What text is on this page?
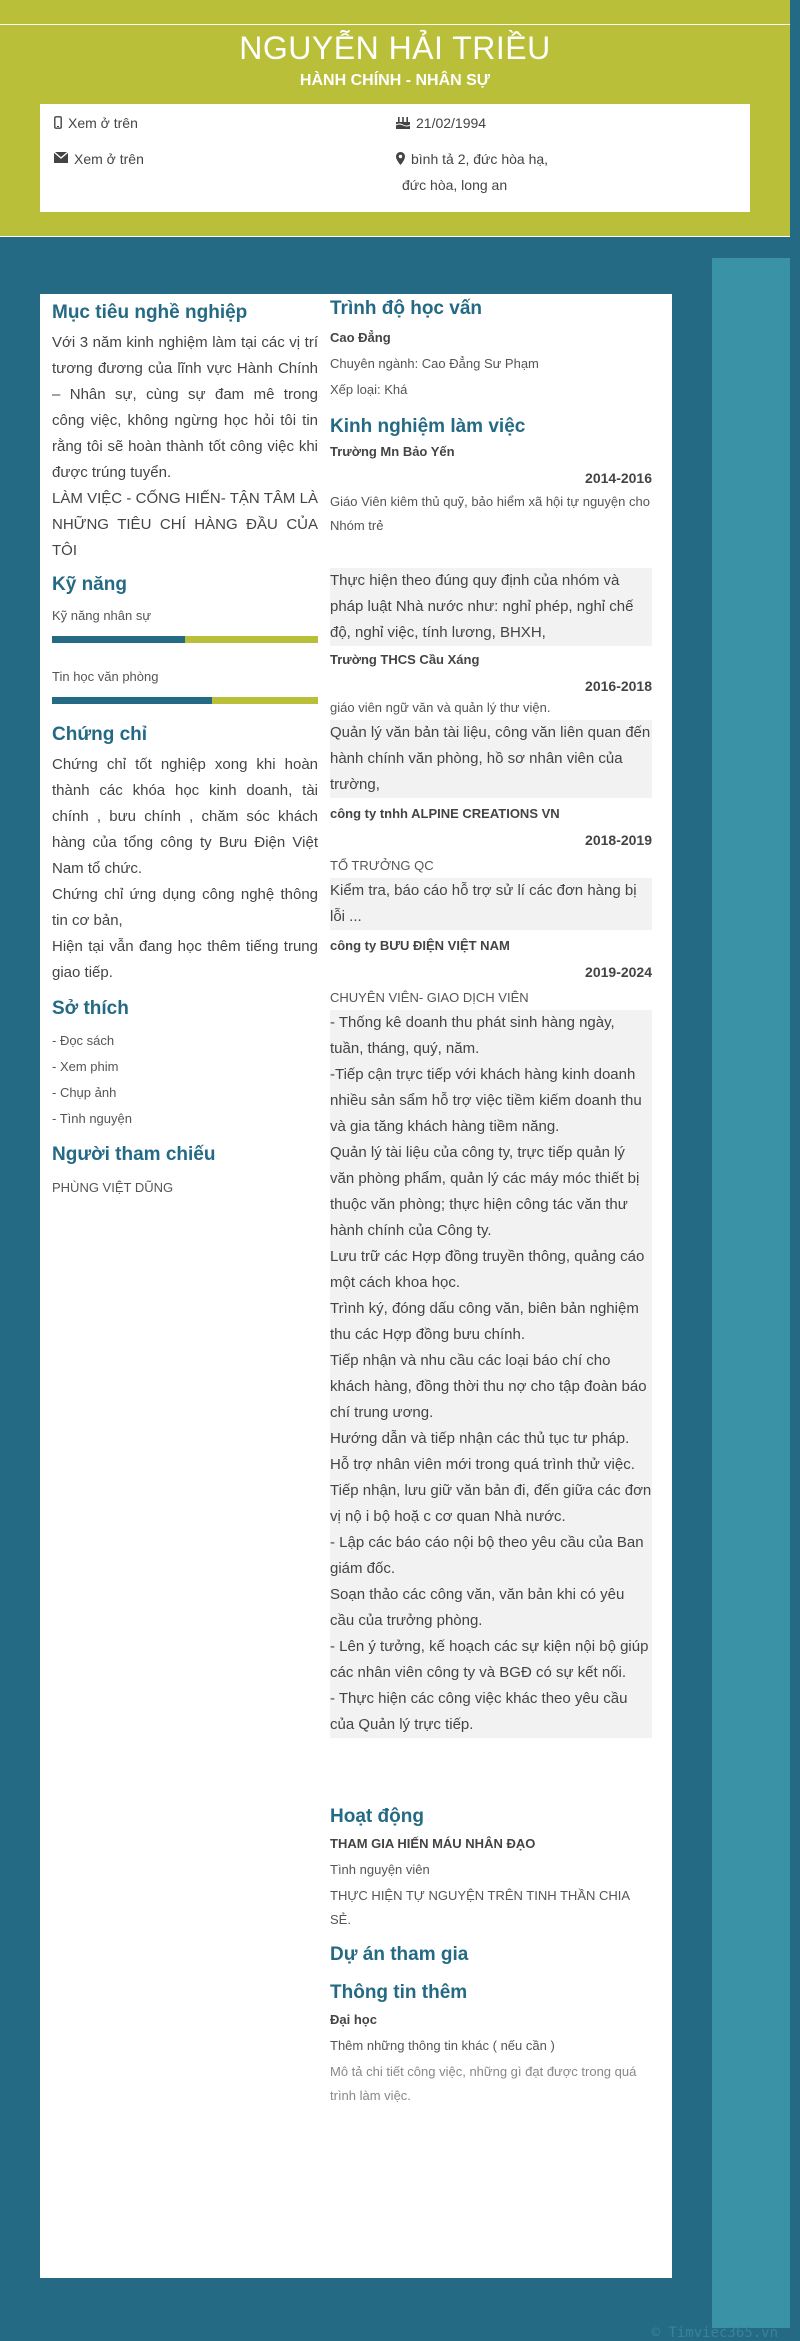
NGUYỄN HẢI TRIỀU
HÀNH CHÍNH - NHÂN SỰ
Xem ở trên
Xem ở trên
21/02/1994
bình tả 2, đức hòa hạ,
đức hòa, long an
Mục tiêu nghề nghiệp
Với 3 năm kinh nghiệm làm tại các vị trí tương đương của lĩnh vực Hành Chính – Nhân sự, cùng sự đam mê trong công việc, không ngừng học hỏi tôi tin rằng tôi sẽ hoàn thành tốt công việc khi được trúng tuyển.
LÀM VIỆC - CỐNG HIẾN- TẬN TÂM LÀ NHỮNG TIÊU CHÍ HÀNG ĐẦU CỦA TÔI
Kỹ năng
Kỹ năng nhân sự
Tin học văn phòng
Chứng chỉ
Chứng chỉ tốt nghiệp xong khi hoàn thành các khóa học kinh doanh, tài chính , bưu chính , chăm sóc khách hàng của tổng công ty Bưu Điện Việt Nam tổ chức.
Chứng chỉ ứng dụng công nghệ thông tin cơ bản,
Hiện tại vẫn đang học thêm tiếng trung giao tiếp.
Sở thích
- Đọc sách
- Xem phim
- Chụp ảnh
- Tình nguyện
Người tham chiếu
PHÙNG VIỆT DŨNG
Trình độ học vấn
Cao Đẳng
Chuyên ngành: Cao Đẳng Sư Phạm
Xếp loại: Khá
Kinh nghiệm làm việc
Trường Mn Bảo Yến
2014-2016
Giáo Viên kiêm thủ quỹ, bảo hiểm xã hội tự nguyện cho Nhóm trẻ
Thực hiện theo đúng quy định của nhóm và pháp luật Nhà nước như: nghỉ phép, nghỉ chế độ, nghỉ việc, tính lương, BHXH,
Trường THCS Cầu Xáng
2016-2018
giáo viên ngữ văn và quản lý thư viện.
Quản lý văn bản tài liệu, công văn liên quan đến hành chính văn phòng, hồ sơ nhân viên của trường,
công ty tnhh ALPINE CREATIONS VN
2018-2019
TỔ TRƯỞNG QC
Kiểm tra, báo cáo hỗ trợ sử lí các đơn hàng bị lỗi ...
công ty BƯU ĐIỆN VIỆT NAM
2019-2024
CHUYÊN VIÊN- GIAO DỊCH VIÊN
- Thống kê doanh thu phát sinh hàng ngày, tuần, tháng, quý, năm.
-Tiếp cận trực tiếp với khách hàng kinh doanh nhiều sản sẩm hỗ trợ việc tiềm kiếm doanh thu và gia tăng khách hàng tiềm năng.
Quản lý tài liệu của công ty, trực tiếp quản lý văn phòng phẩm, quản lý các máy móc thiết bị thuộc văn phòng; thực hiện công tác văn thư hành chính của Công ty.
Lưu trữ các Hợp đồng truyền thông, quảng cáo một cách khoa học.
Trình ký, đóng dấu công văn, biên bản nghiệm thu các Hợp đồng bưu chính.
Tiếp nhận và nhu cầu các loại báo chí cho khách hàng, đồng thời thu nợ cho tập đoàn báo chí trung ương.
Hướng dẫn và tiếp nhận các thủ tục tư pháp.
Hỗ trợ nhân viên mới trong quá trình thử việc.
Tiếp nhận, lưu giữ văn bản đi, đến giữa các đơn vị nộ i bộ hoặ c cơ quan Nhà nước.
- Lập các báo cáo nội bộ theo yêu cầu của Ban giám đốc.
Soạn thảo các công văn, văn bản khi có yêu cầu của trưởng phòng.
- Lên ý tưởng, kế hoạch các sự kiện nội bộ giúp các nhân viên công ty và BGĐ có sự kết nối.
- Thực hiện các công việc khác theo yêu cầu của Quản lý trực tiếp.
Hoạt động
THAM GIA HIẾN MÁU NHÂN ĐẠO
Tình nguyện viên
THỰC HIỆN TỰ NGUYỆN TRÊN TINH THẦN CHIA SẺ.
Dự án tham gia
Thông tin thêm
Đại học
Thêm những thông tin khác ( nếu cần )
Mô tả chi tiết công việc, những gì đạt được trong quá trình làm việc.
© Timviec365.vn
